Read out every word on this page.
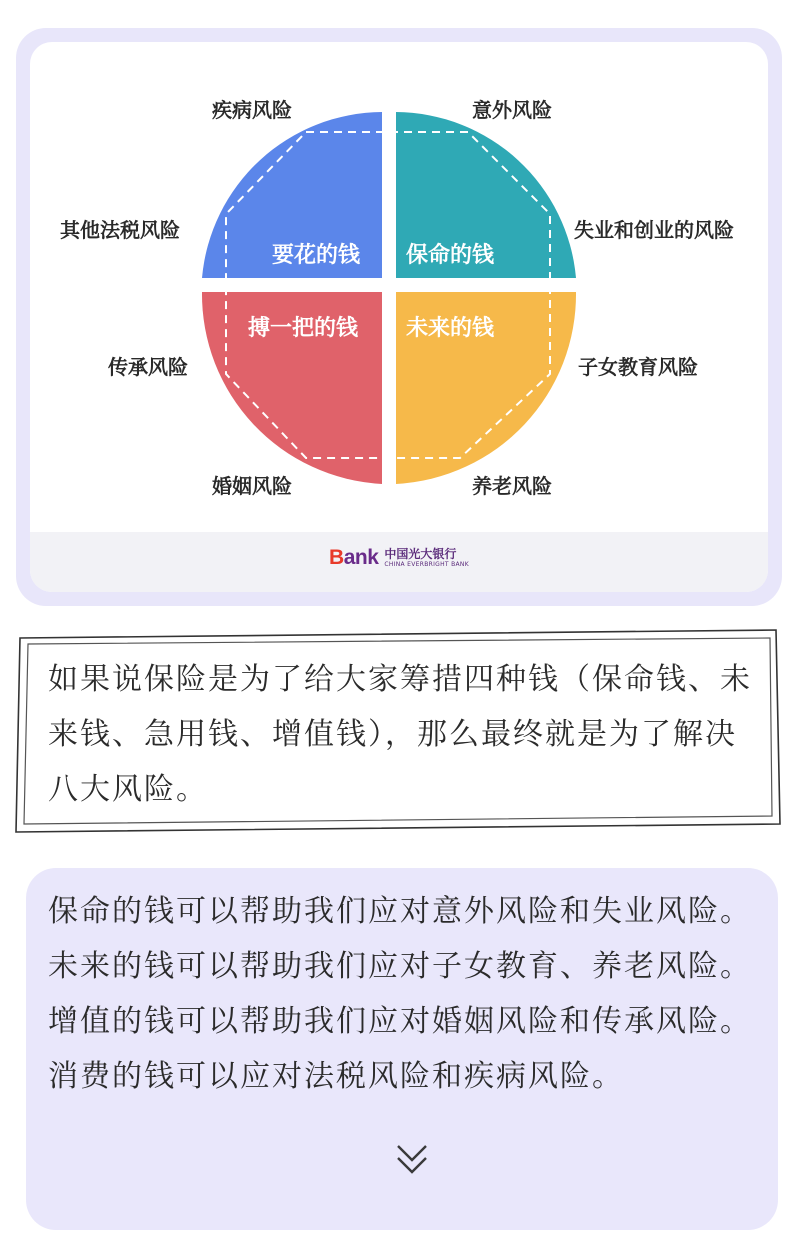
要花的钱 保命的钱
搏一把的钱 未来的钱
疾病风险
其他法税风险
传承风险
婚姻风险
意外风险
失业和创业的风险
子女教育风险
养老风险
Bank 中国光大银行
CHINA EVERBRIGHT BANK
如果说保险是为了给大家筹措四种钱（保命钱、未来钱、急用钱、增值钱），那么最终就是为了解决八大风险。
保命的钱可以帮助我们应对意外风险和失业风险。未来的钱可以帮助我们应对子女教育、养老风险。增值的钱可以帮助我们应对婚姻风险和传承风险。消费的钱可以应对法税风险和疾病风险。
